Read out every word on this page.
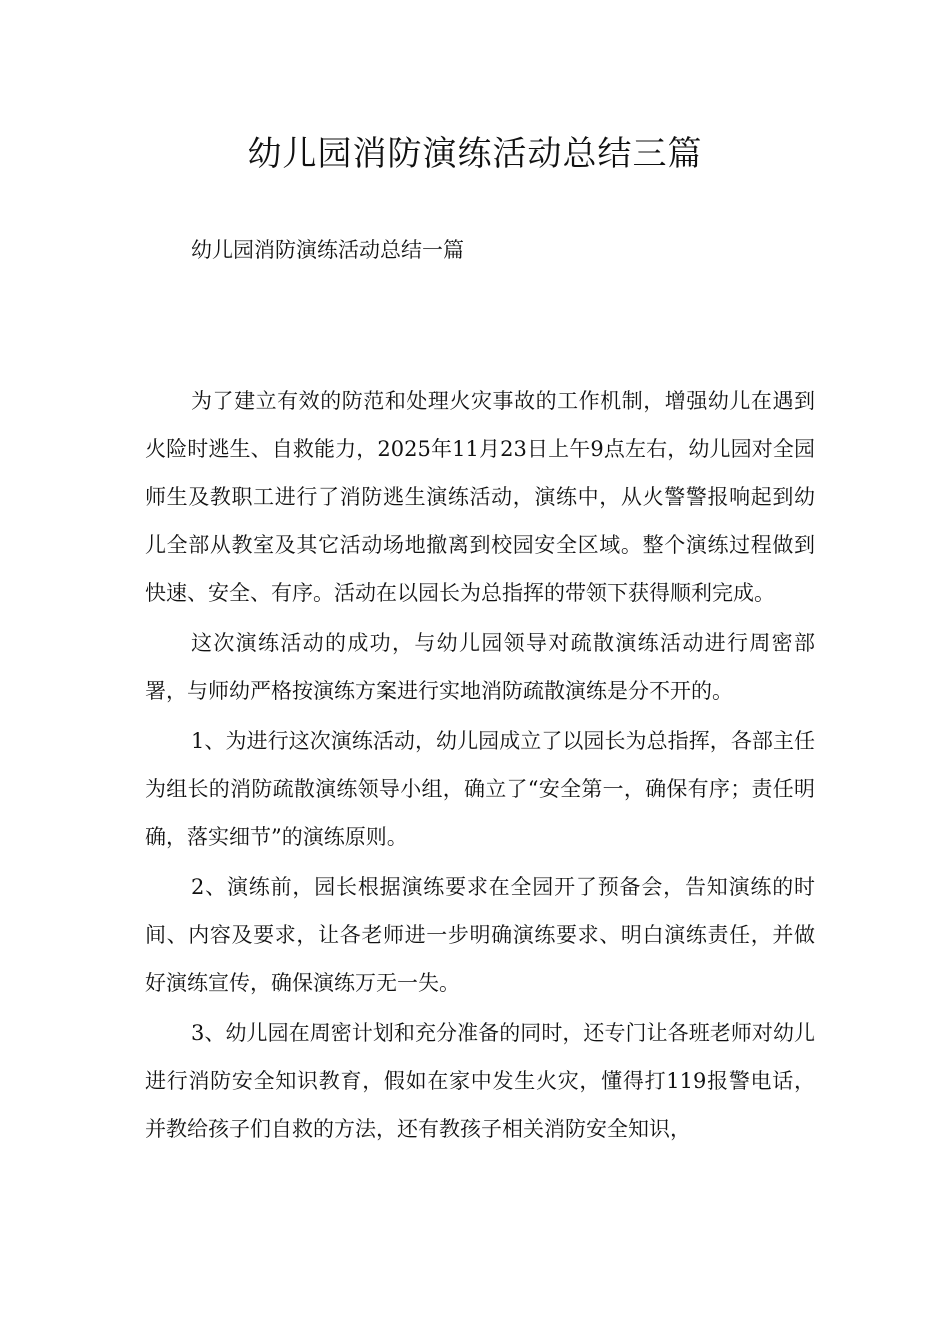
幼儿园消防演练活动总结三篇

幼儿园消防演练活动总结一篇

为了建立有效的防范和处理火灾事故的工作机制，增强幼儿在遇到火险时逃生、自救能力，2025年11月23日上午9点左右，幼儿园对全园师生及教职工进行了消防逃生演练活动，演练中，从火警警报响起到幼儿全部从教室及其它活动场地撤离到校园安全区域。整个演练过程做到快速、安全、有序。活动在以园长为总指挥的带领下获得顺利完成。

这次演练活动的成功，与幼儿园领导对疏散演练活动进行周密部署，与师幼严格按演练方案进行实地消防疏散演练是分不开的。

1、为进行这次演练活动，幼儿园成立了以园长为总指挥，各部主任为组长的消防疏散演练领导小组，确立了“安全第一，确保有序；责任明确，落实细节”的演练原则。

2、演练前，园长根据演练要求在全园开了预备会，告知演练的时间、内容及要求，让各老师进一步明确演练要求、明白演练责任，并做好演练宣传，确保演练万无一失。

3、幼儿园在周密计划和充分准备的同时，还专门让各班老师对幼儿进行消防安全知识教育，假如在家中发生火灾，懂得打119报警电话，并教给孩子们自救的方法，还有教孩子相关消防安全知识，
